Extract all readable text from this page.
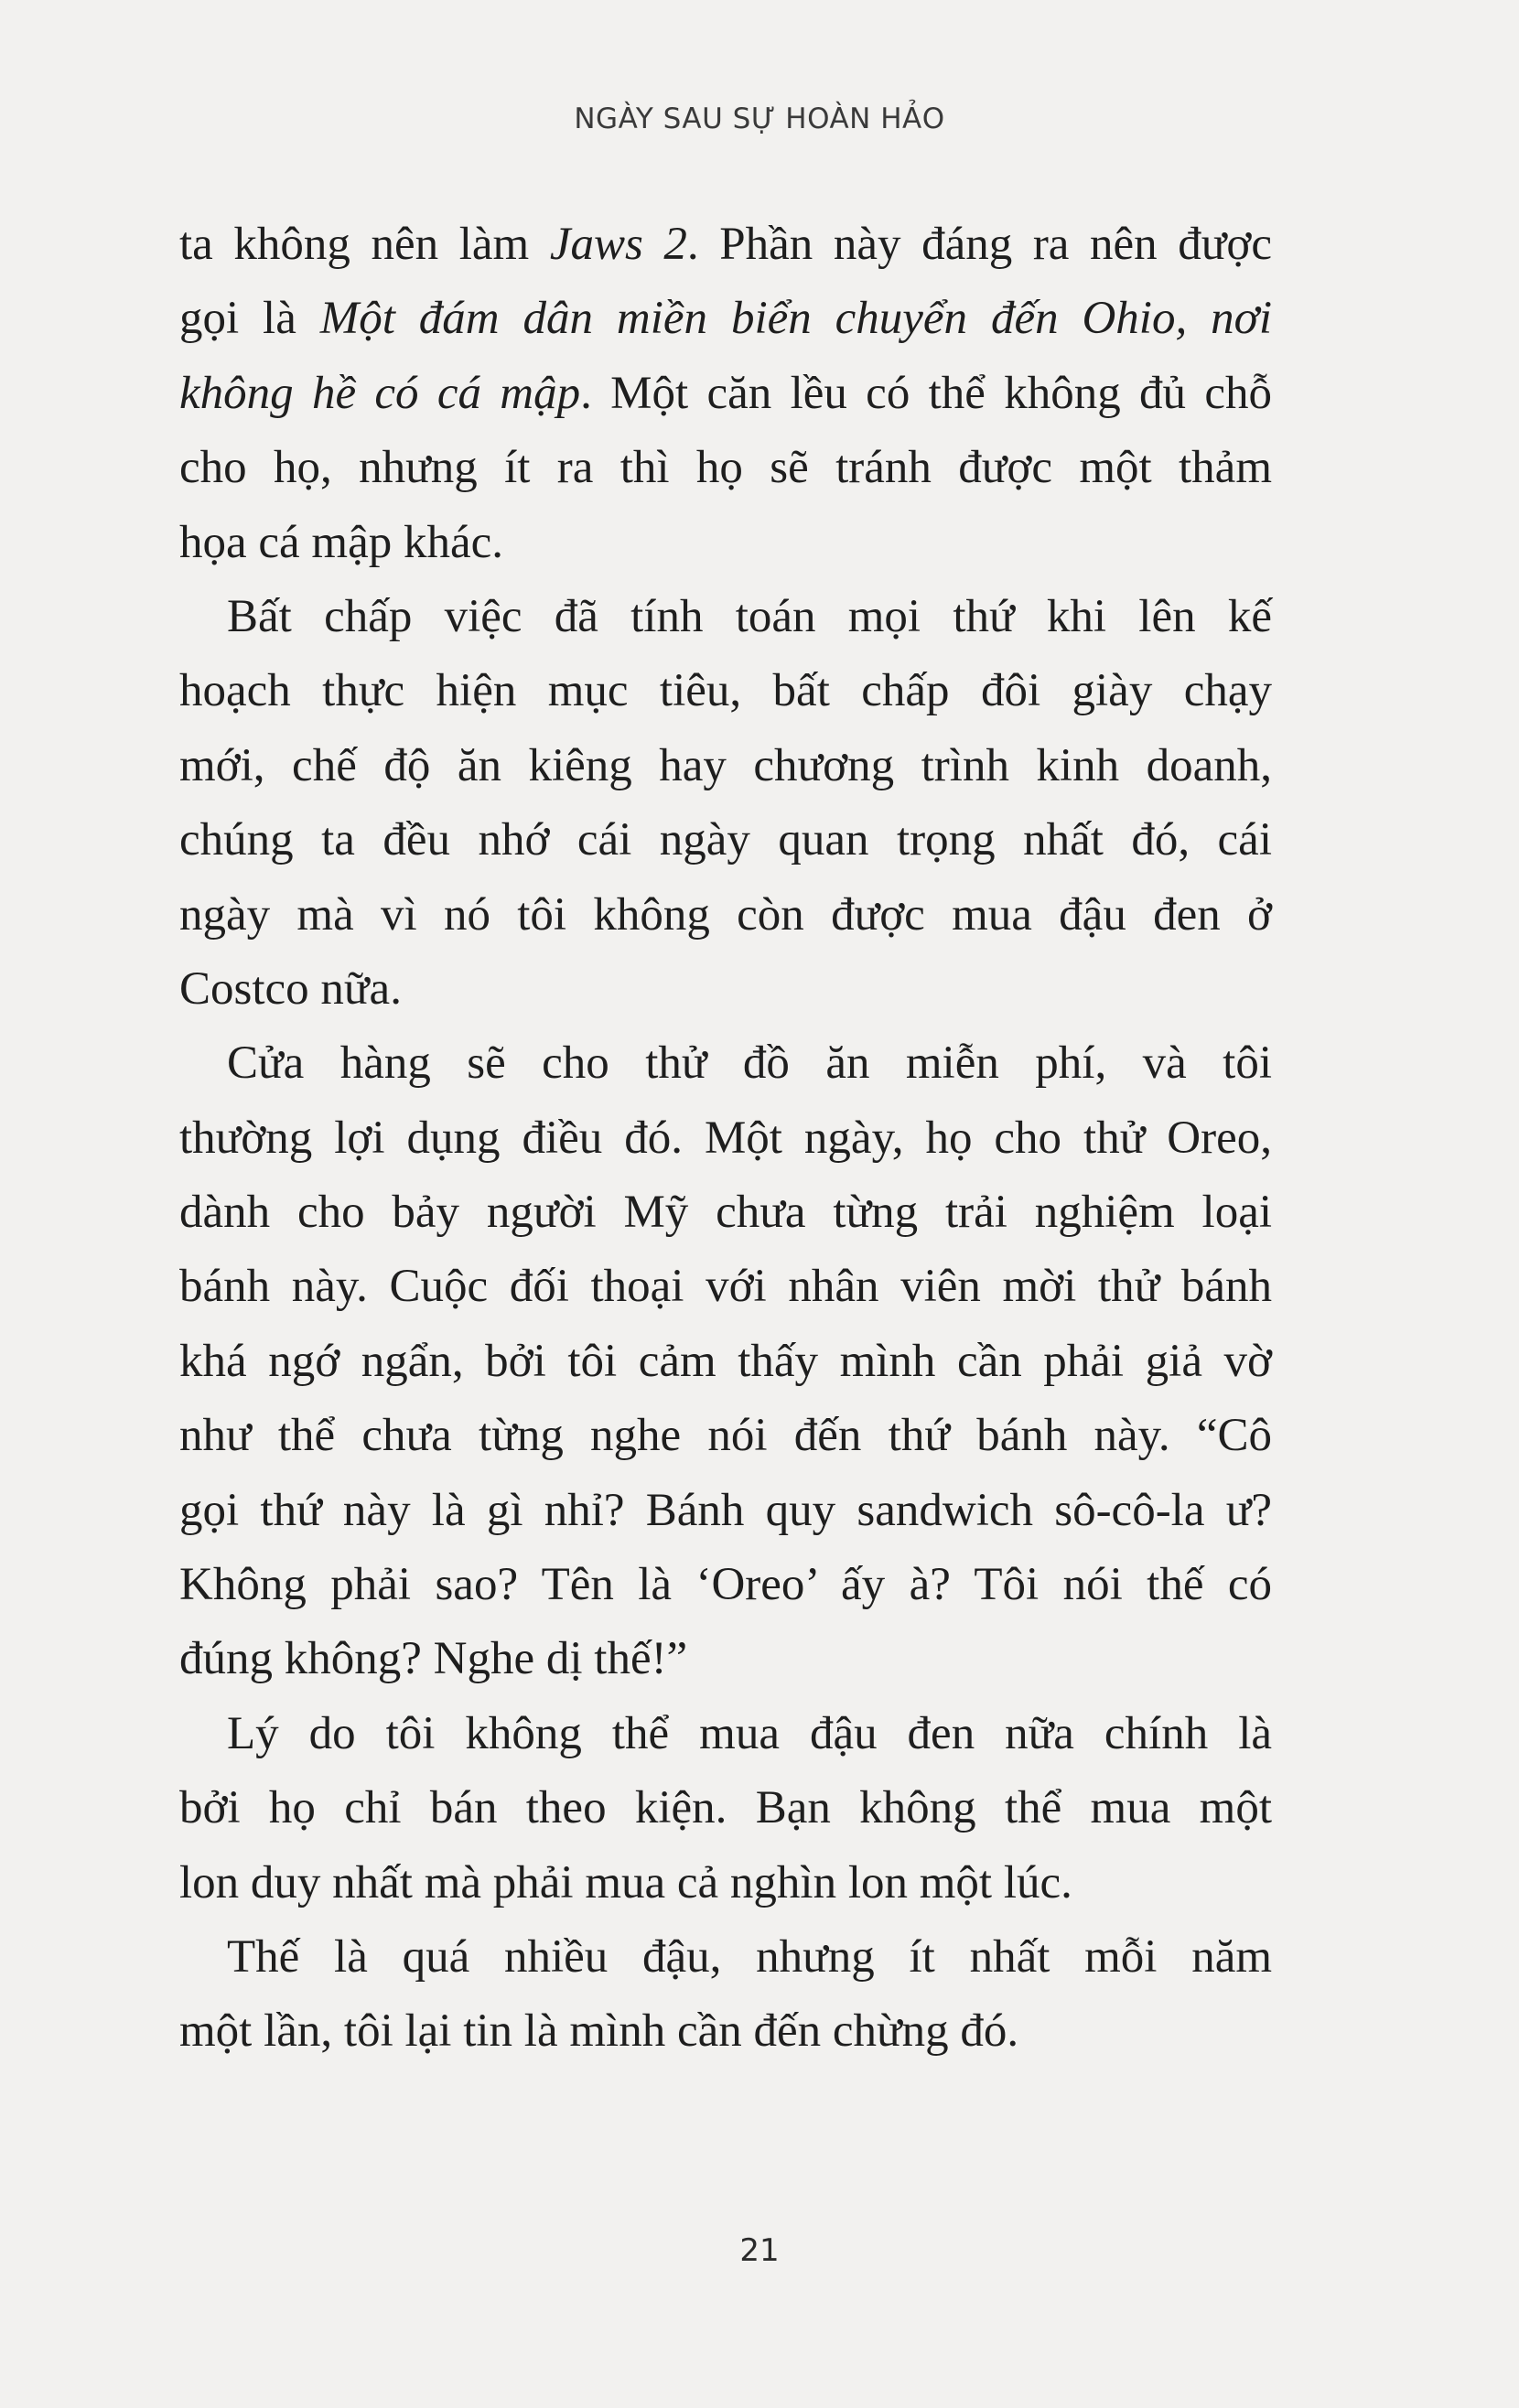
NGÀY SAU SỰ HOÀN HẢO
ta không nên làm Jaws 2. Phần này đáng ra nên được
gọi là Một đám dân miền biển chuyển đến Ohio, nơi
không hề có cá mập. Một căn lều có thể không đủ chỗ
cho họ, nhưng ít ra thì họ sẽ tránh được một thảm
họa cá mập khác.
Bất chấp việc đã tính toán mọi thứ khi lên kế
hoạch thực hiện mục tiêu, bất chấp đôi giày chạy
mới, chế độ ăn kiêng hay chương trình kinh doanh,
chúng ta đều nhớ cái ngày quan trọng nhất đó, cái
ngày mà vì nó tôi không còn được mua đậu đen ở
Costco nữa.
Cửa hàng sẽ cho thử đồ ăn miễn phí, và tôi
thường lợi dụng điều đó. Một ngày, họ cho thử Oreo,
dành cho bảy người Mỹ chưa từng trải nghiệm loại
bánh này. Cuộc đối thoại với nhân viên mời thử bánh
khá ngớ ngẩn, bởi tôi cảm thấy mình cần phải giả vờ
như thể chưa từng nghe nói đến thứ bánh này. “Cô
gọi thứ này là gì nhỉ? Bánh quy sandwich sô-cô-la ư?
Không phải sao? Tên là ‘Oreo’ ấy à? Tôi nói thế có
đúng không? Nghe dị thế!”
Lý do tôi không thể mua đậu đen nữa chính là
bởi họ chỉ bán theo kiện. Bạn không thể mua một
lon duy nhất mà phải mua cả nghìn lon một lúc.
Thế là quá nhiều đậu, nhưng ít nhất mỗi năm
một lần, tôi lại tin là mình cần đến chừng đó.
21
